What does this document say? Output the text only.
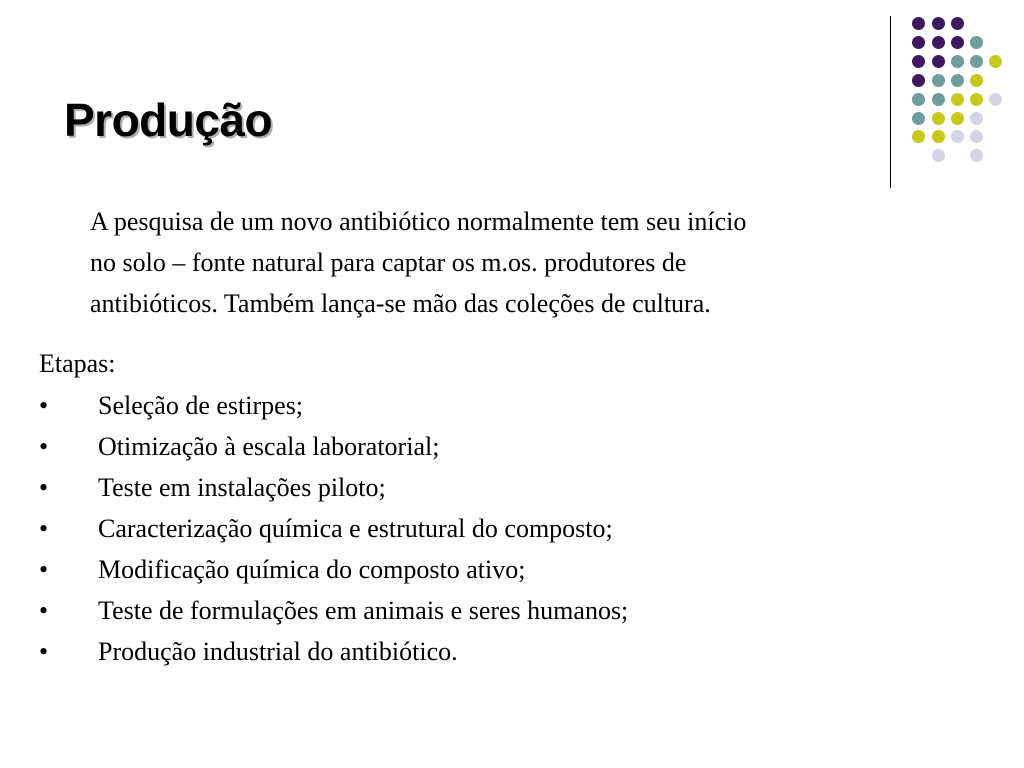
Produção
A pesquisa de um novo antibiótico normalmente tem seu início
no solo – fonte natural para captar os m.os. produtores de
antibióticos. Também lança-se mão das coleções de cultura.
Etapas:
• Seleção de estirpes;
• Otimização à escala laboratorial;
• Teste em instalações piloto;
• Caracterização química e estrutural do composto;
• Modificação química do composto ativo;
• Teste de formulações em animais e seres humanos;
• Produção industrial do antibiótico.
